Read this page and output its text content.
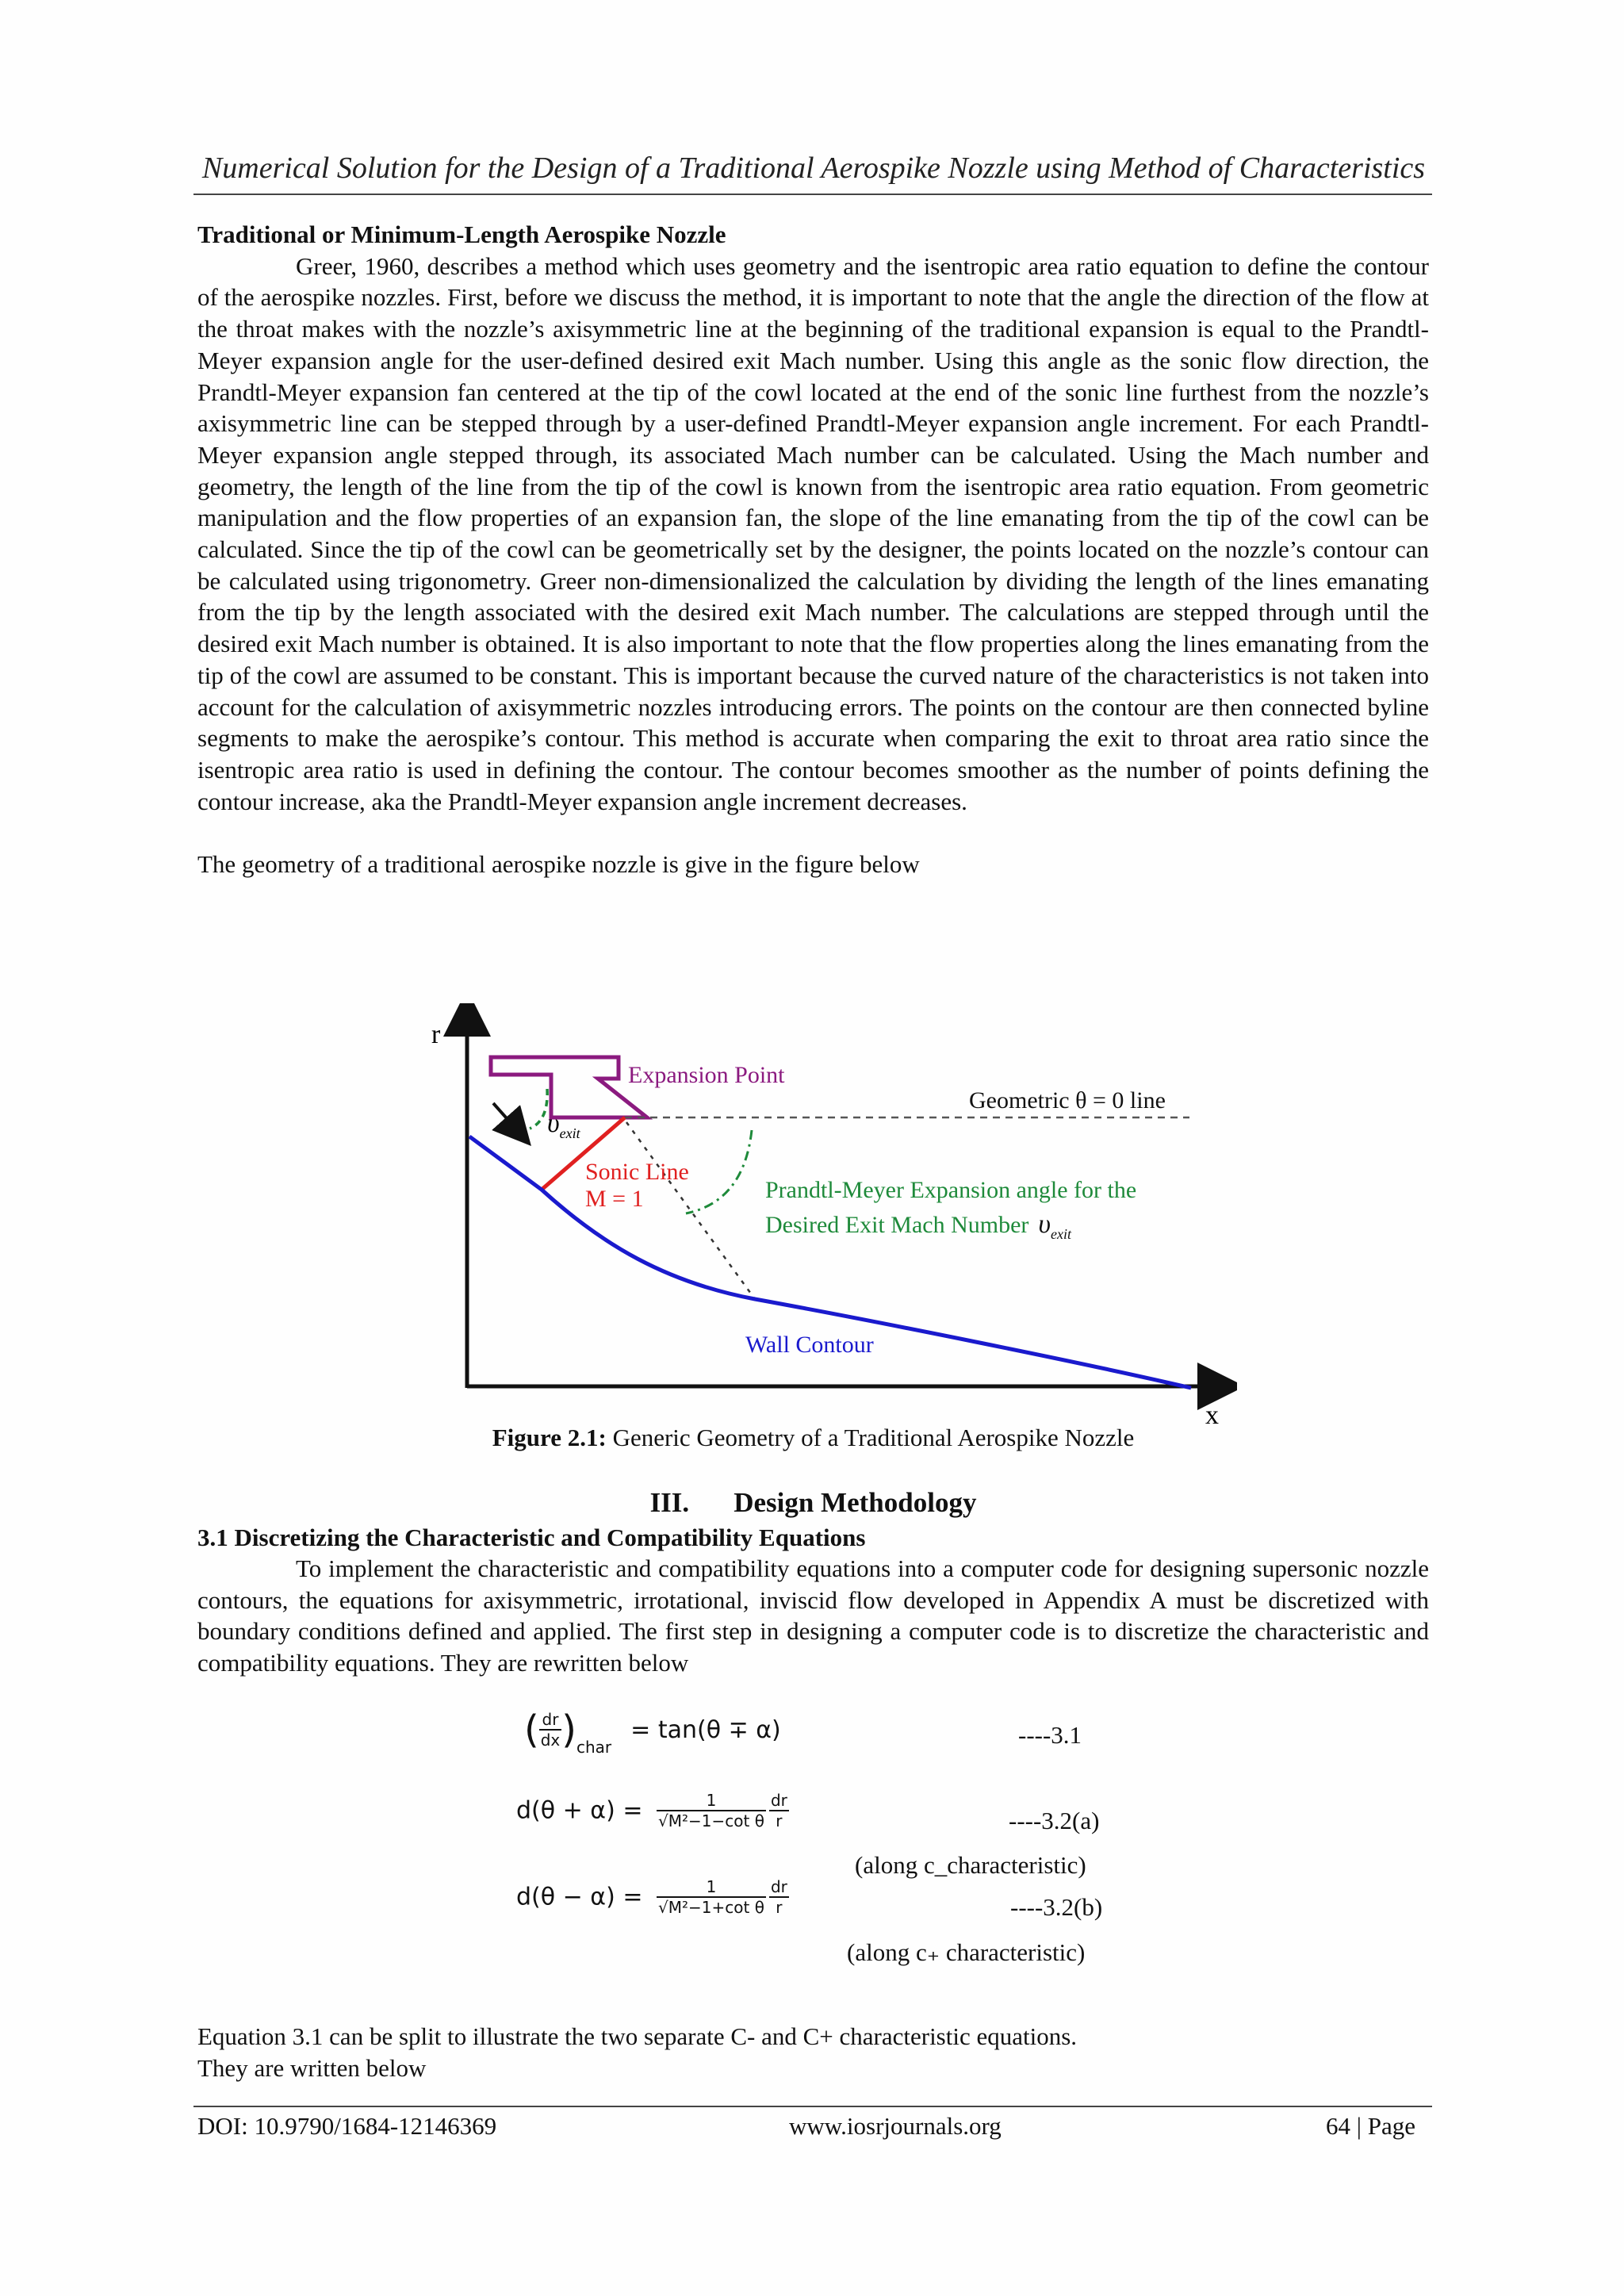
Numerical Solution for the Design of a Traditional Aerospike Nozzle using Method of Characteristics

Traditional or Minimum-Length Aerospike Nozzle

Greer, 1960, describes a method which uses geometry and the isentropic area ratio equation to define the contour of the aerospike nozzles. First, before we discuss the method, it is important to note that the angle the direction of the flow at the throat makes with the nozzle’s axisymmetric line at the beginning of the traditional expansion is equal to the Prandtl-Meyer expansion angle for the user-defined desired exit Mach number. Using this angle as the sonic flow direction, the Prandtl-Meyer expansion fan centered at the tip of the cowl located at the end of the sonic line furthest from the nozzle’s axisymmetric line can be stepped through by a user-defined Prandtl-Meyer expansion angle increment. For each Prandtl-Meyer expansion angle stepped through, its associated Mach number can be calculated. Using the Mach number and geometry, the length of the line from the tip of the cowl is known from the isentropic area ratio equation. From geometric manipulation and the flow properties of an expansion fan, the slope of the line emanating from the tip of the cowl can be calculated. Since the tip of the cowl can be geometrically set by the designer, the points located on the nozzle’s contour can be calculated using trigonometry. Greer non-dimensionalized the calculation by dividing the length of the lines emanating from the tip by the length associated with the desired exit Mach number. The calculations are stepped through until the desired exit Mach number is obtained. It is also important to note that the flow properties along the lines emanating from the tip of the cowl are assumed to be constant. This is important because the curved nature of the characteristics is not taken into account for the calculation of axisymmetric nozzles introducing errors. The points on the contour are then connected byline segments to make the aerospike’s contour. This method is accurate when comparing the exit to throat area ratio since the isentropic area ratio is used in defining the contour. The contour becomes smoother as the number of points defining the contour increase, aka the Prandtl-Meyer expansion angle increment decreases.

The geometry of a traditional aerospike nozzle is give in the figure below

r
x
Expansion Point
Geometric θ = 0 line
$\upsilon_{exit}$
Sonic Line
M = 1	Prandtl-Meyer Expansion angle for the
Desired Exit Mach Number $\upsilon_{exit}$
Wall Contour
Figure 2.1: Generic Geometry of a Traditional Aerospike Nozzle
III. Design Methodology
3.1 Discretizing the Characteristic and Compatibility Equations

To implement the characteristic and compatibility equations into a computer code for designing supersonic nozzle contours, the equations for axisymmetric, irrotational, inviscid flow developed in Appendix A must be discretized with boundary conditions defined and applied. The first step in designing a computer code is to discretize the characteristic and compatibility equations. They are rewritten below

( $\frac{dr}{dx} )_{char}= \tan(\theta \mp \alpha)$	----3.1
$d(\theta + \alpha) = \frac{1}{\text{√M²−1−cot θ}} \frac{dr}{r}$	----3.2(a)
(along c_characteristic)
$d(\theta - \alpha) = \frac{1}{\text{√M²−1+cot θ}} \frac{dr}{r}$	----3.2(b)
(along c₊ characteristic)
Equation 3.1 can be split to illustrate the two separate C- and C+ characteristic equations.
They are written below
DOI: 10.9790/1684-12146369	www.iosrjournals.org	64 | Page
